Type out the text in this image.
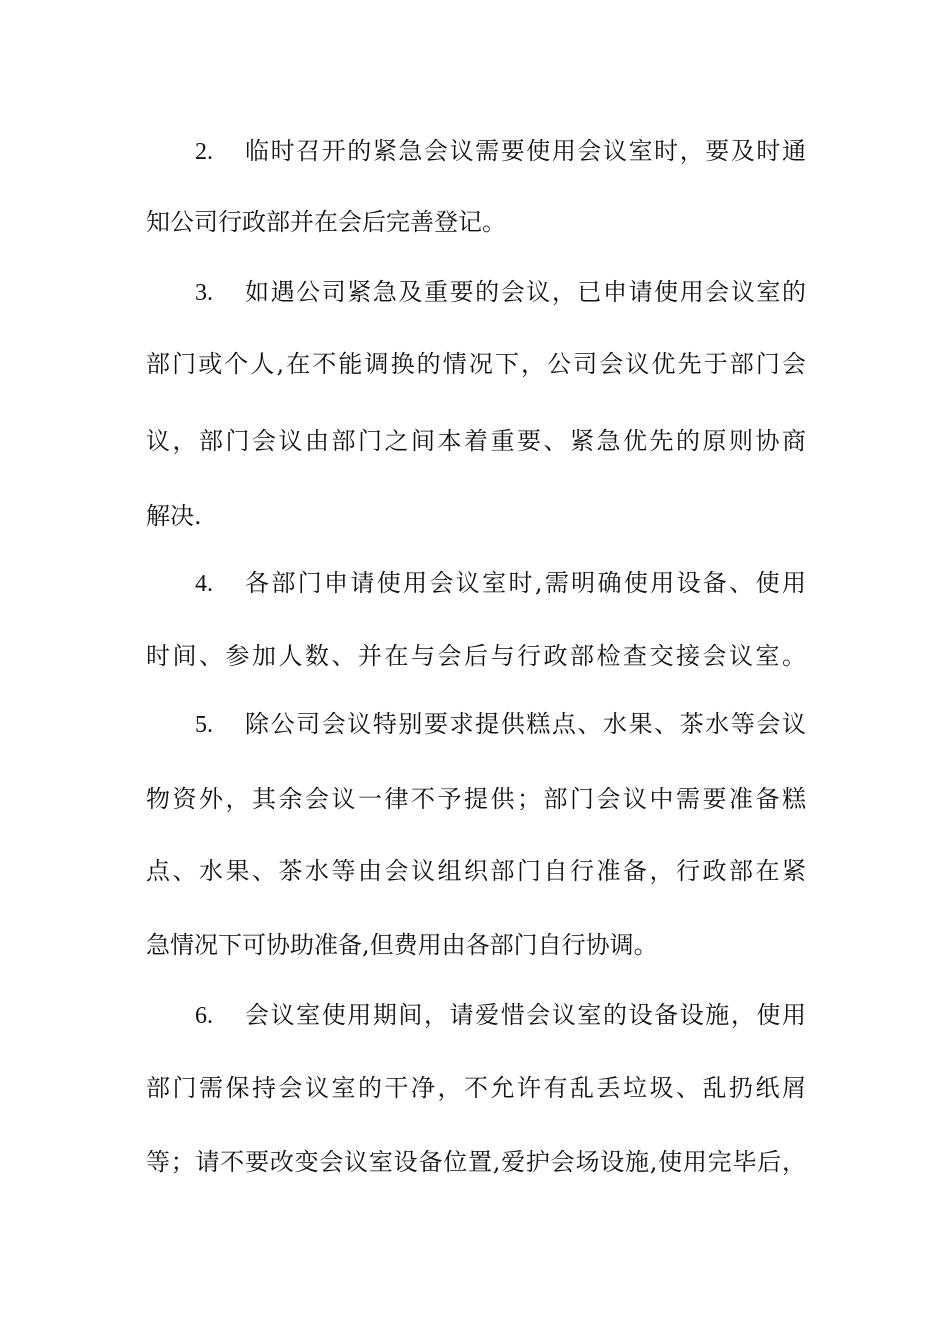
2. 临时召开的紧急会议需要使用会议室时，要及时通
知公司行政部并在会后完善登记。
3. 如遇公司紧急及重要的会议，已申请使用会议室的
部门或个人,在不能调换的情况下，公司会议优先于部门会
议，部门会议由部门之间本着重要、紧急优先的原则协商
解决.
4. 各部门申请使用会议室时,需明确使用设备、使用
时间、参加人数、并在与会后与行政部检查交接会议室。
5. 除公司会议特别要求提供糕点、水果、茶水等会议
物资外，其余会议一律不予提供；部门会议中需要准备糕
点、水果、茶水等由会议组织部门自行准备，行政部在紧
急情况下可协助准备,但费用由各部门自行协调。
6. 会议室使用期间，请爱惜会议室的设备设施，使用
部门需保持会议室的干净，不允许有乱丢垃圾、乱扔纸屑
等；请不要改变会议室设备位置,爱护会场设施,使用完毕后，
